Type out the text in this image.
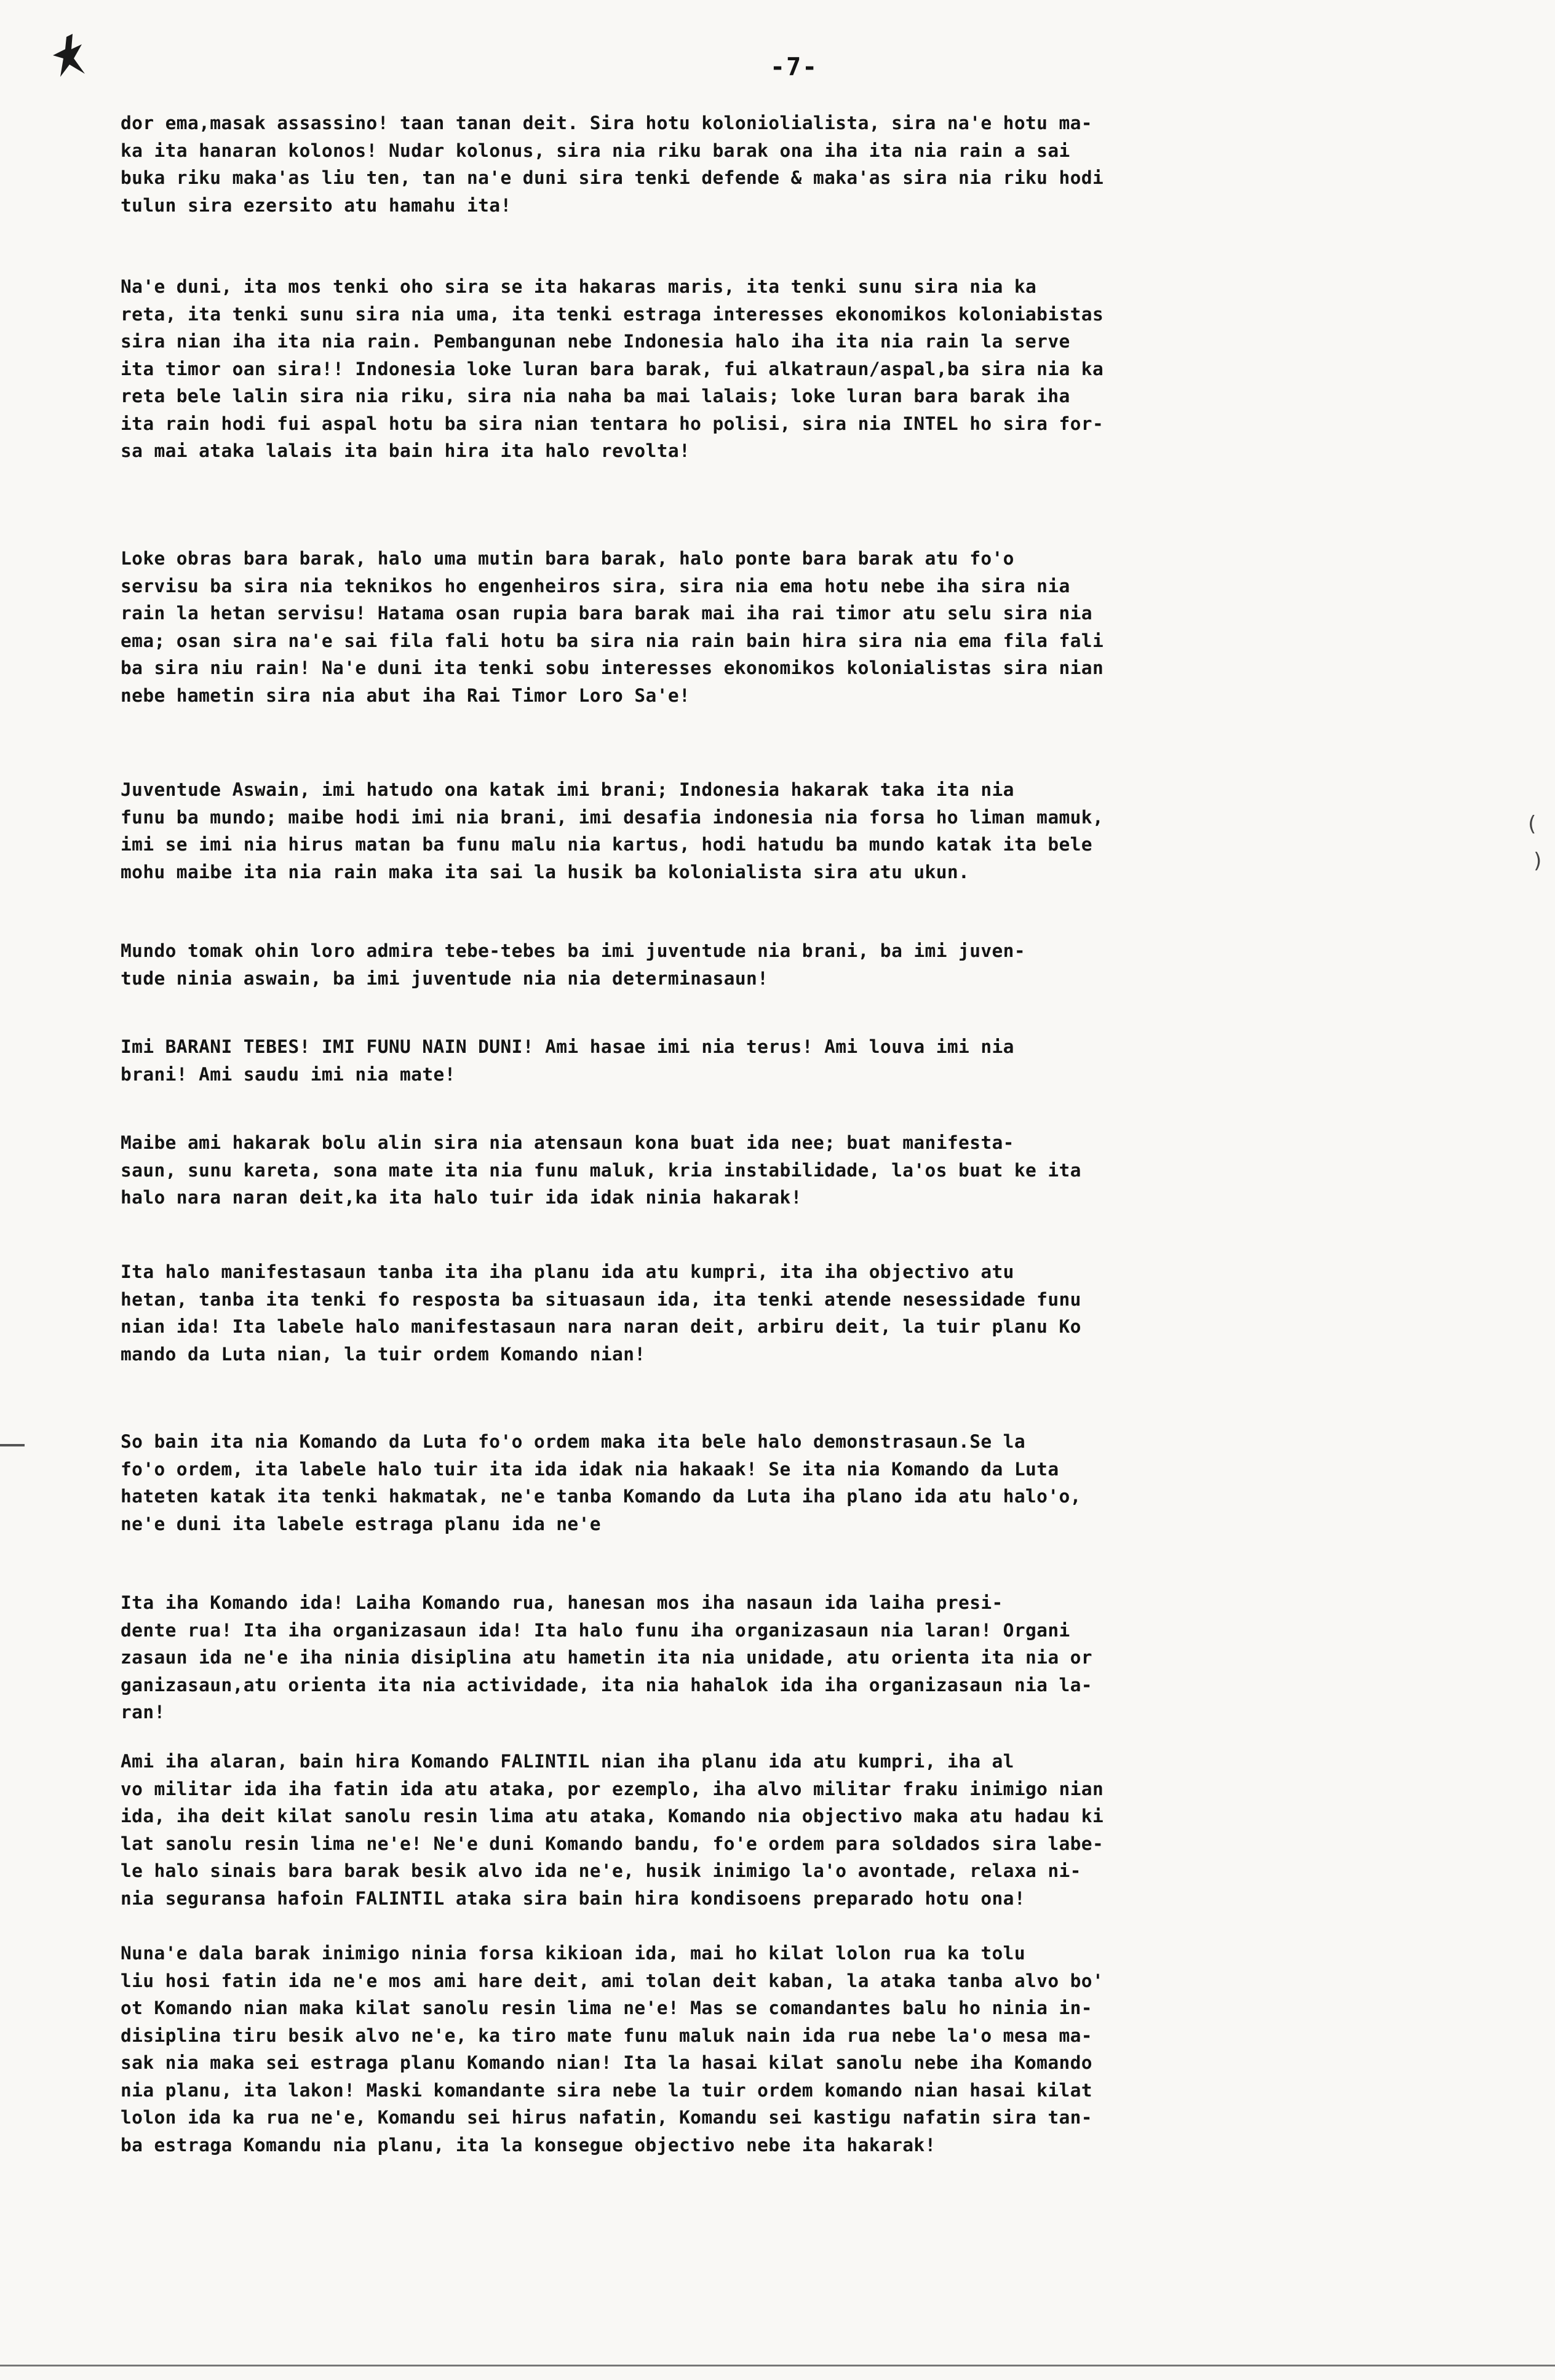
-7-
dor ema,masak assassino! taan tanan deit. Sira hotu koloniolialista, sira na'e hotu ma-
ka ita hanaran kolonos! Nudar kolonus, sira nia riku barak ona iha ita nia rain a sai
buka riku maka'as liu ten, tan na'e duni sira tenki defende & maka'as sira nia riku hodi
tulun sira ezersito atu hamahu ita!
Na'e duni, ita mos tenki oho sira se ita hakaras maris, ita tenki sunu sira nia ka
reta, ita tenki sunu sira nia uma, ita tenki estraga interesses ekonomikos koloniabistas
sira nian iha ita nia rain. Pembangunan nebe Indonesia halo iha ita nia rain la serve
ita timor oan sira!! Indonesia loke luran bara barak, fui alkatraun/aspal,ba sira nia ka
reta bele lalin sira nia riku, sira nia naha ba mai lalais; loke luran bara barak iha
ita rain hodi fui aspal hotu ba sira nian tentara ho polisi, sira nia INTEL ho sira for-
sa mai ataka lalais ita bain hira ita halo revolta!
Loke obras bara barak, halo uma mutin bara barak, halo ponte bara barak atu fo'o
servisu ba sira nia teknikos ho engenheiros sira, sira nia ema hotu nebe iha sira nia
rain la hetan servisu! Hatama osan rupia bara barak mai iha rai timor atu selu sira nia
ema; osan sira na'e sai fila fali hotu ba sira nia rain bain hira sira nia ema fila fali
ba sira niu rain! Na'e duni ita tenki sobu interesses ekonomikos kolonialistas sira nian
nebe hametin sira nia abut iha Rai Timor Loro Sa'e!
Juventude Aswain, imi hatudo ona katak imi brani; Indonesia hakarak taka ita nia
funu ba mundo; maibe hodi imi nia brani, imi desafia indonesia nia forsa ho liman mamuk,
imi se imi nia hirus matan ba funu malu nia kartus, hodi hatudu ba mundo katak ita bele
mohu maibe ita nia rain maka ita sai la husik ba kolonialista sira atu ukun.
Mundo tomak ohin loro admira tebe-tebes ba imi juventude nia brani, ba imi juven-
tude ninia aswain, ba imi juventude nia nia determinasaun!
Imi BARANI TEBES! IMI FUNU NAIN DUNI! Ami hasae imi nia terus! Ami louva imi nia
brani! Ami saudu imi nia mate!
Maibe ami hakarak bolu alin sira nia atensaun kona buat ida nee; buat manifesta-
saun, sunu kareta, sona mate ita nia funu maluk, kria instabilidade, la'os buat ke ita
halo nara naran deit,ka ita halo tuir ida idak ninia hakarak!
Ita halo manifestasaun tanba ita iha planu ida atu kumpri, ita iha objectivo atu
hetan, tanba ita tenki fo resposta ba situasaun ida, ita tenki atende nesessidade funu
nian ida! Ita labele halo manifestasaun nara naran deit, arbiru deit, la tuir planu Ko
mando da Luta nian, la tuir ordem Komando nian!
So bain ita nia Komando da Luta fo'o ordem maka ita bele halo demonstrasaun.Se la
fo'o ordem, ita labele halo tuir ita ida idak nia hakaak! Se ita nia Komando da Luta
hateten katak ita tenki hakmatak, ne'e tanba Komando da Luta iha plano ida atu halo'o,
ne'e duni ita labele estraga planu ida ne'e
Ita iha Komando ida! Laiha Komando rua, hanesan mos iha nasaun ida laiha presi-
dente rua! Ita iha organizasaun ida! Ita halo funu iha organizasaun nia laran! Organi
zasaun ida ne'e iha ninia disiplina atu hametin ita nia unidade, atu orienta ita nia or
ganizasaun,atu orienta ita nia actividade, ita nia hahalok ida iha organizasaun nia la-
ran!
Ami iha alaran, bain hira Komando FALINTIL nian iha planu ida atu kumpri, iha al
vo militar ida iha fatin ida atu ataka, por ezemplo, iha alvo militar fraku inimigo nian
ida, iha deit kilat sanolu resin lima atu ataka, Komando nia objectivo maka atu hadau ki
lat sanolu resin lima ne'e! Ne'e duni Komando bandu, fo'e ordem para soldados sira labe-
le halo sinais bara barak besik alvo ida ne'e, husik inimigo la'o avontade, relaxa ni-
nia seguransa hafoin FALINTIL ataka sira bain hira kondisoens preparado hotu ona!
Nuna'e dala barak inimigo ninia forsa kikioan ida, mai ho kilat lolon rua ka tolu
liu hosi fatin ida ne'e mos ami hare deit, ami tolan deit kaban, la ataka tanba alvo bo'
ot Komando nian maka kilat sanolu resin lima ne'e! Mas se comandantes balu ho ninia in-
disiplina tiru besik alvo ne'e, ka tiro mate funu maluk nain ida rua nebe la'o mesa ma-
sak nia maka sei estraga planu Komando nian! Ita la hasai kilat sanolu nebe iha Komando
nia planu, ita lakon! Maski komandante sira nebe la tuir ordem komando nian hasai kilat
lolon ida ka rua ne'e, Komandu sei hirus nafatin, Komandu sei kastigu nafatin sira tan-
ba estraga Komandu nia planu, ita la konsegue objectivo nebe ita hakarak!
(
)
